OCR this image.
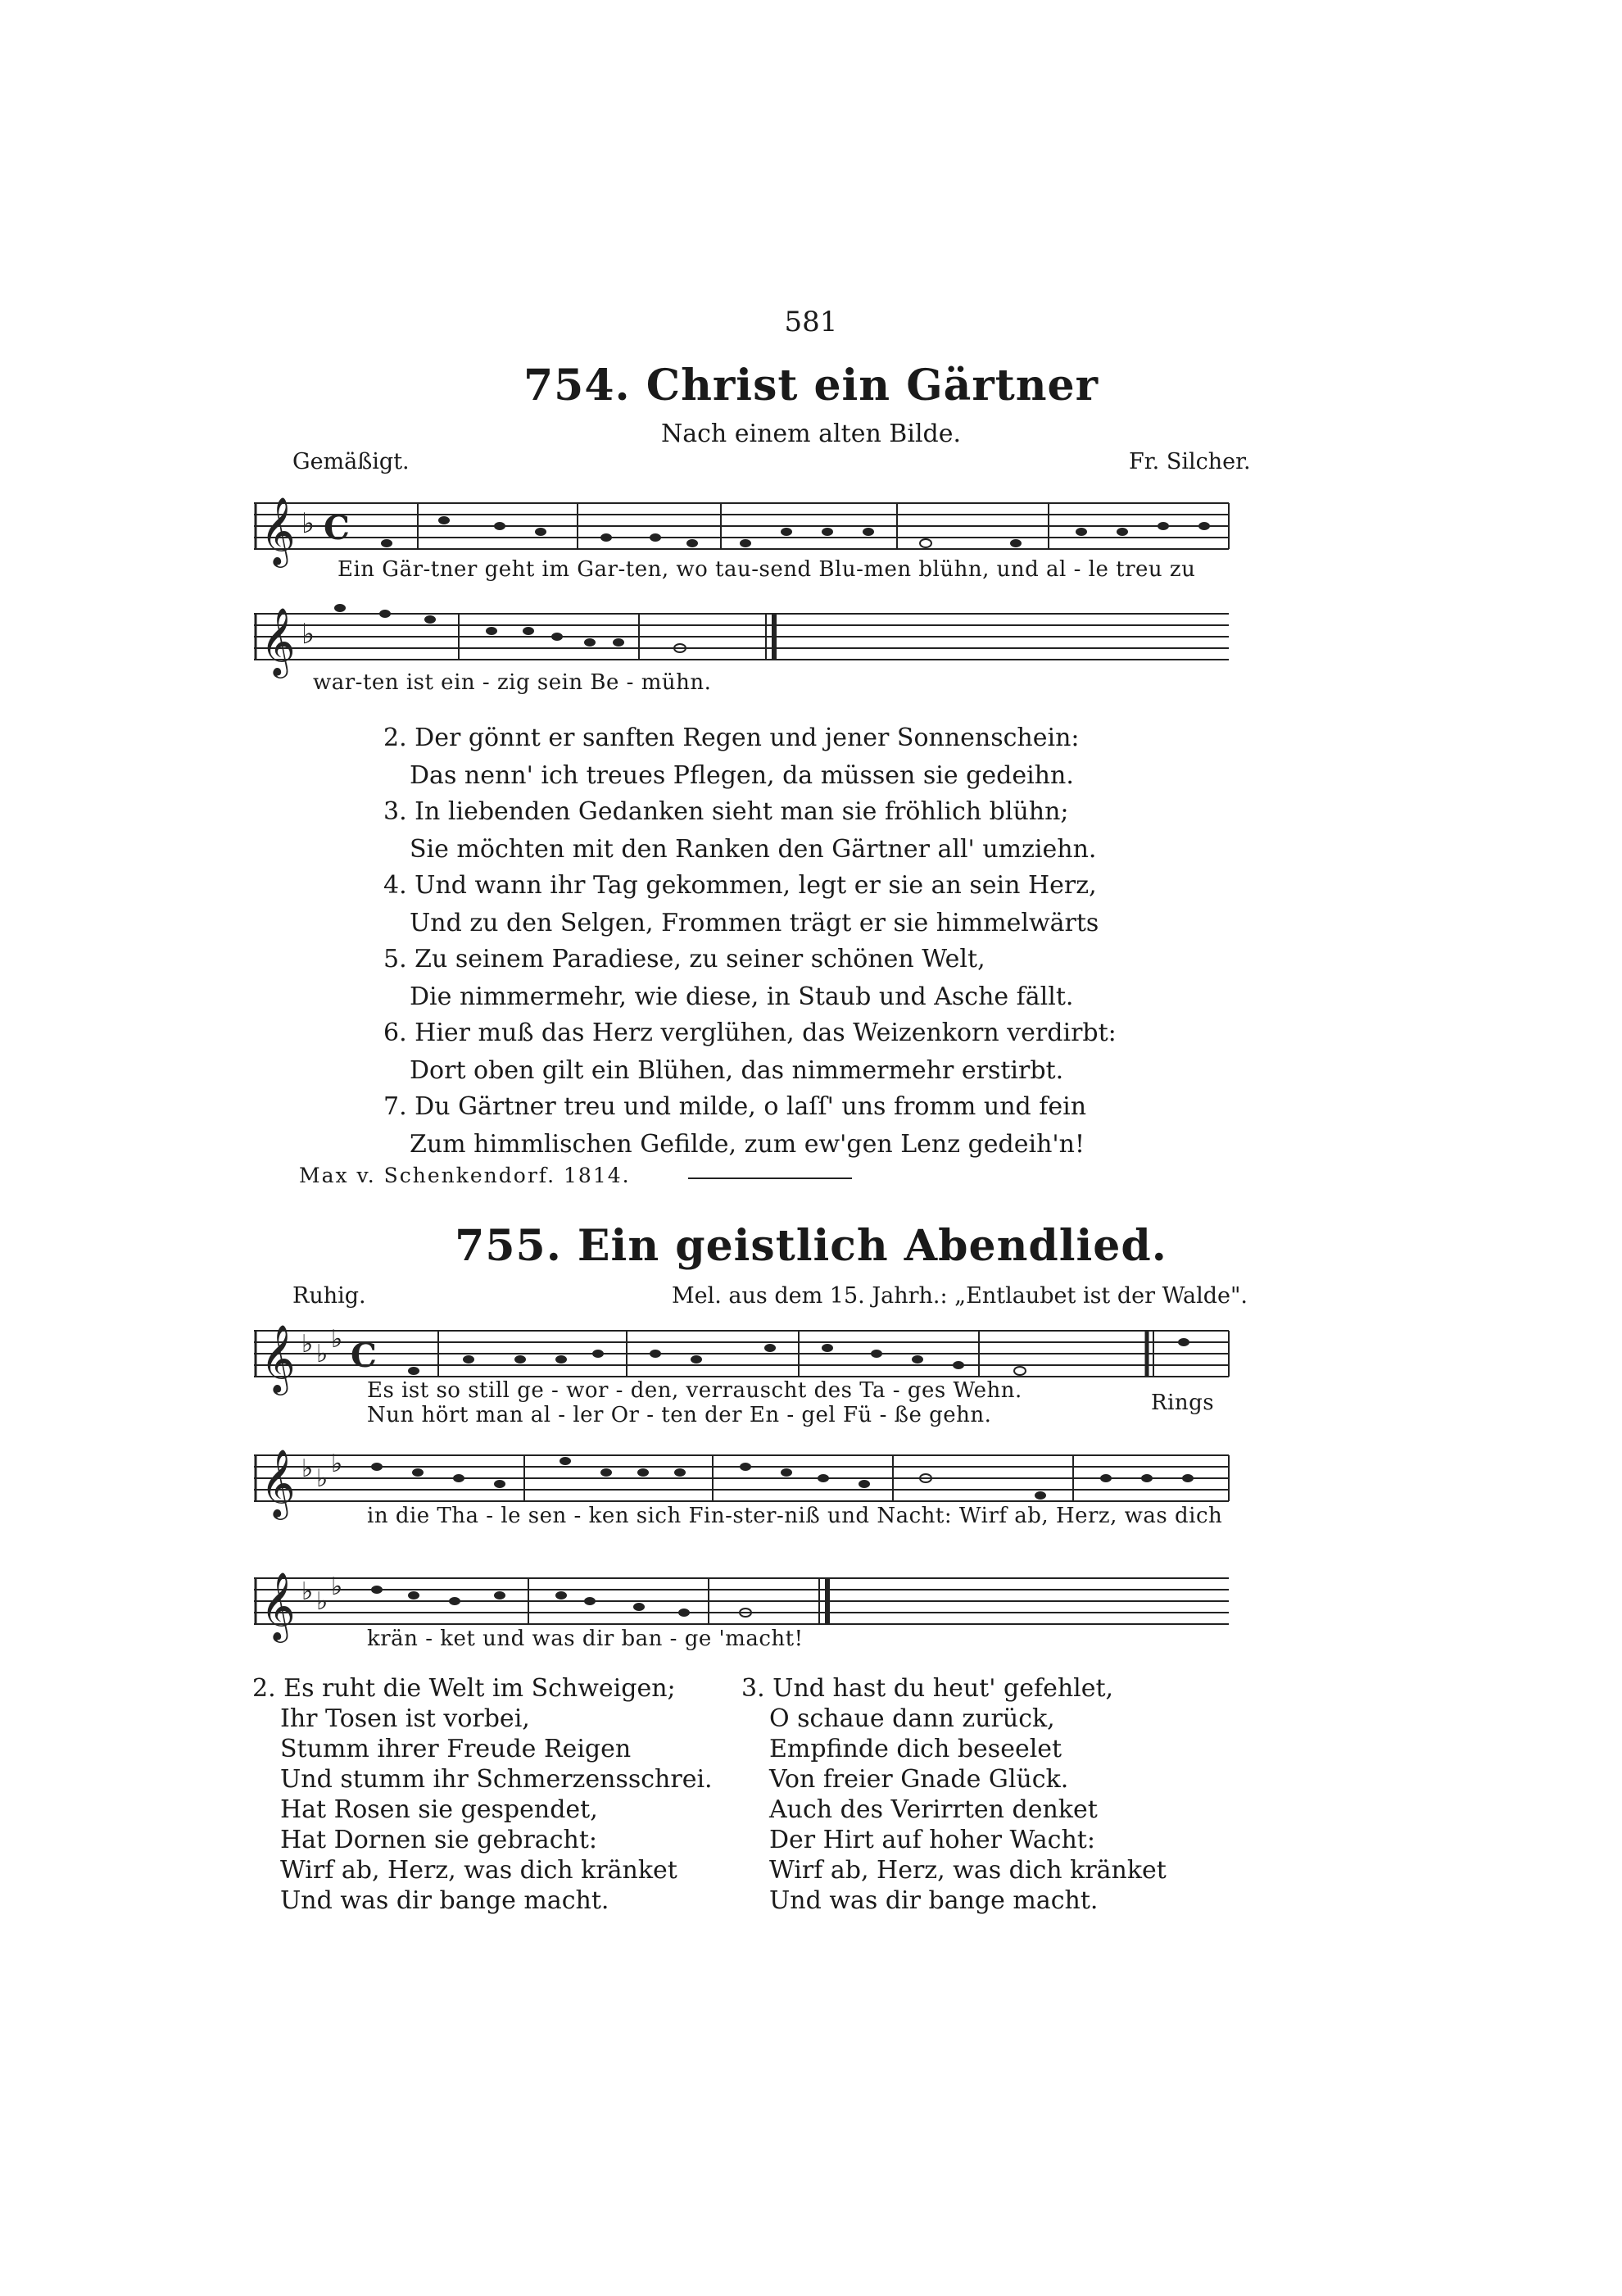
581
754. Christ ein Gärtner
Nach einem alten Bilde.
Gemäßigt.	Fr. Silcher.
𝄞 ♭ C
Ein Gär-tner geht im Gar-ten, wo tau-send Blu-men blühn, und al - le treu zu
𝄞 ♭
war-ten ist ein - zig sein Be - mühn.
2. Der gönnt er sanften Regen und jener Sonnenschein:
Das nenn' ich treues Pflegen, da müssen sie gedeihn.
3. In liebenden Gedanken sieht man sie fröhlich blühn;
Sie möchten mit den Ranken den Gärtner all' umziehn.
4. Und wann ihr Tag gekommen, legt er sie an sein Herz,
Und zu den Selgen, Frommen trägt er sie himmelwärts
5. Zu seinem Paradiese, zu seiner schönen Welt,
Die nimmermehr, wie diese, in Staub und Asche fällt.
6. Hier muß das Herz verglühen, das Weizenkorn verdirbt:
Dort oben gilt ein Blühen, das nimmermehr erstirbt.
7. Du Gärtner treu und milde, o laſſ' uns fromm und fein
Zum himmlischen Gefilde, zum ew'gen Lenz gedeih'n!
Max v. Schenkendorf. 1814.
755. Ein geistlich Abendlied.
Ruhig.	Mel. aus dem 15. Jahrh.: „Entlaubet ist der Walde".
𝄞 ♭ ♭
♭ C
Es ist so still ge - wor - den, verrauscht des Ta - ges Wehn.
Nun hört man al - ler Or - ten der En - gel Fü - ße gehn.	Rings
𝄞 ♭ ♭
♭
in die Tha - le sen - ken sich Fin-ster-niß und Nacht: Wirf ab, Herz, was dich
𝄞 ♭ ♭
♭
krän - ket und was dir ban - ge 'macht!
2. Es ruht die Welt im Schweigen;
Ihr Tosen ist vorbei,
Stumm ihrer Freude Reigen
Und stumm ihr Schmerzensschrei.
Hat Rosen sie gespendet,
Hat Dornen sie gebracht:
Wirf ab, Herz, was dich kränket
Und was dir bange macht.
3. Und hast du heut' gefehlet,
O schaue dann zurück,
Empfinde dich beseelet
Von freier Gnade Glück.
Auch des Verirrten denket
Der Hirt auf hoher Wacht:
Wirf ab, Herz, was dich kränket
Und was dir bange macht.
